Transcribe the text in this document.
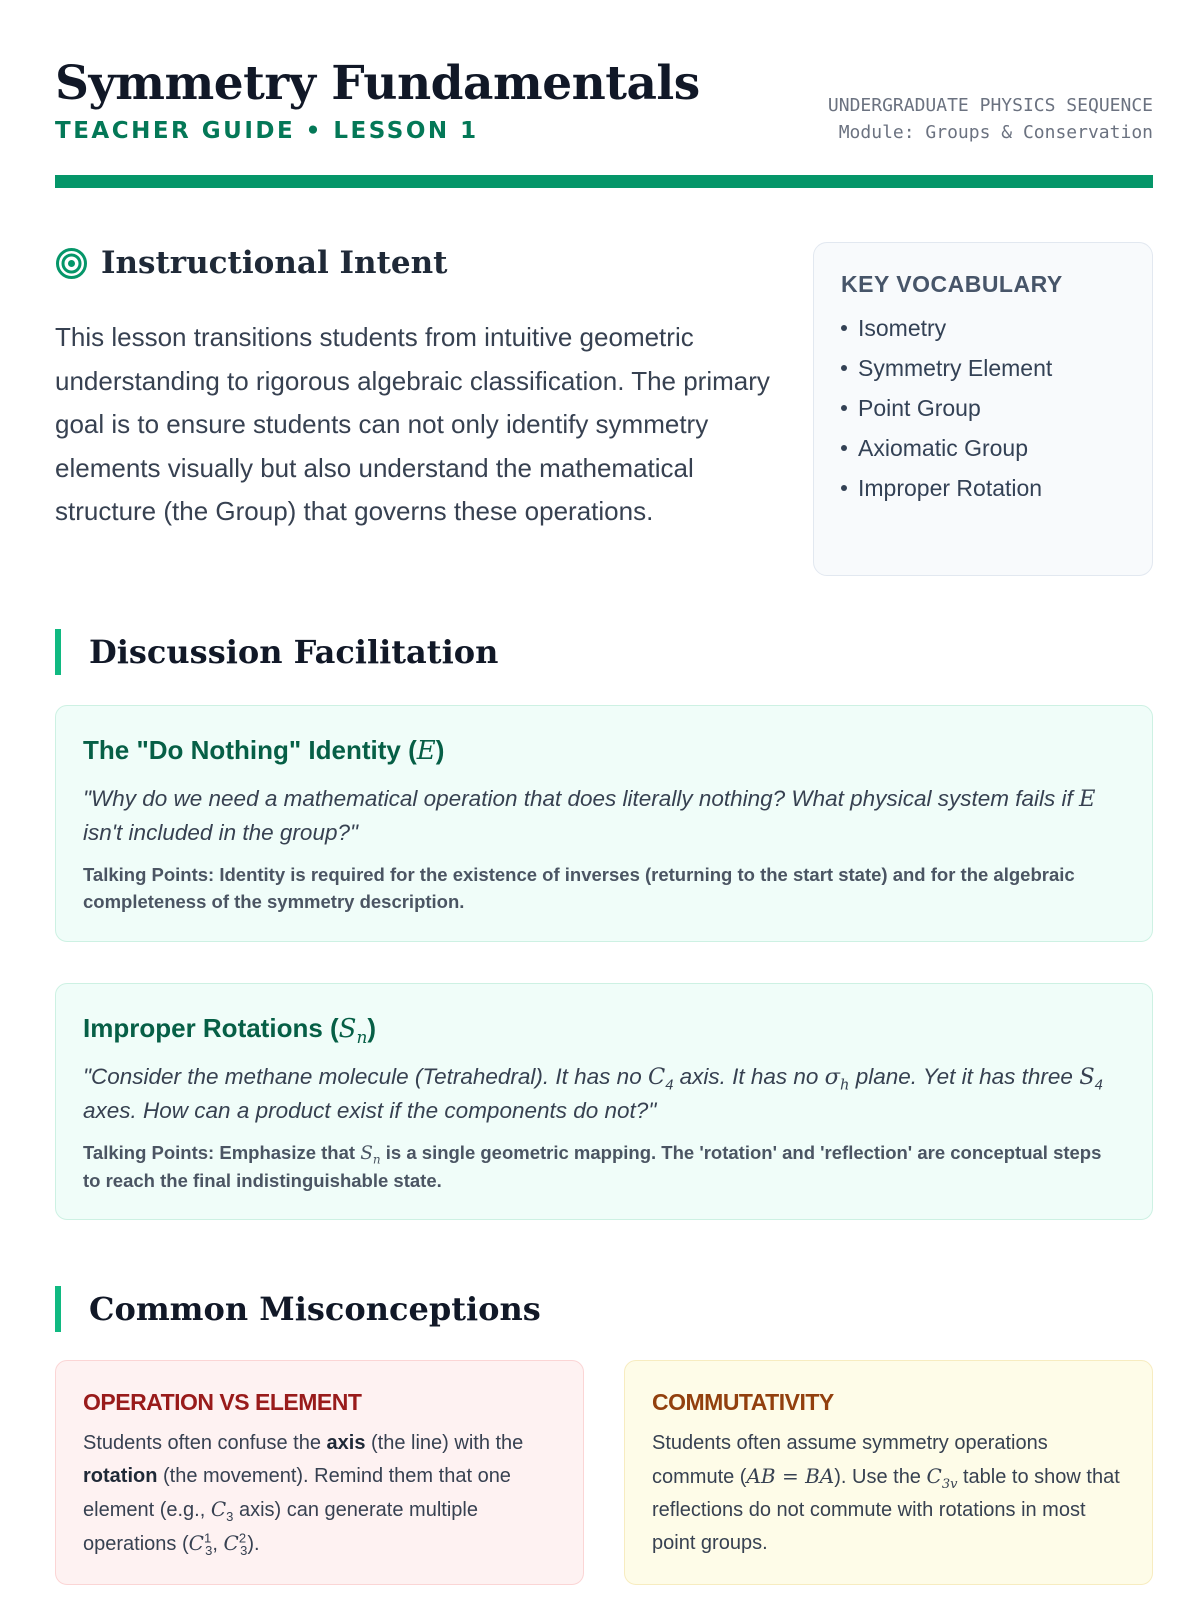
Symmetry Fundamentals
TEACHER GUIDE • LESSON 1
UNDERGRADUATE PHYSICS SEQUENCE
Module: Groups & Conservation
Instructional Intent

This lesson transitions students from intuitive geometric understanding to rigorous algebraic classification. The primary goal is to ensure students can not only identify symmetry elements visually but also understand the mathematical structure (the Group) that governs these operations.

KEY VOCABULARY
Isometry
Symmetry Element
Point Group
Axiomatic Group
Improper Rotation
Discussion Facilitation
The "Do Nothing" Identity (E)
"Why do we need a mathematical operation that does literally nothing? What physical system fails if E isn't included in the group?"
Talking Points: Identity is required for the existence of inverses (returning to the start state) and for the algebraic completeness of the symmetry description.
Improper Rotations $(S_n)$
"Consider the methane molecule (Tetrahedral). It has no $C_4$ axis. It has no $\sigma_h$ plane. Yet it has three $S_4$ axes. How can a product exist if the components do not?"
Talking Points: Emphasize that $S_n$ is a single geometric mapping. The 'rotation' and 'reflection' are conceptual steps to reach the final indistinguishable state.
Common Misconceptions
OPERATION VS ELEMENT
Students often confuse the axis (the line) with the rotation (the movement). Remind them that one element (e.g., $C_3$ axis) can generate multiple operations ($C^1_3$, $C^2_3$).
COMMUTATIVITY
Students often assume symmetry operations commute (AB = BA). Use the $C_{3v}$ table to show that reflections do not commute with rotations in most point groups.
